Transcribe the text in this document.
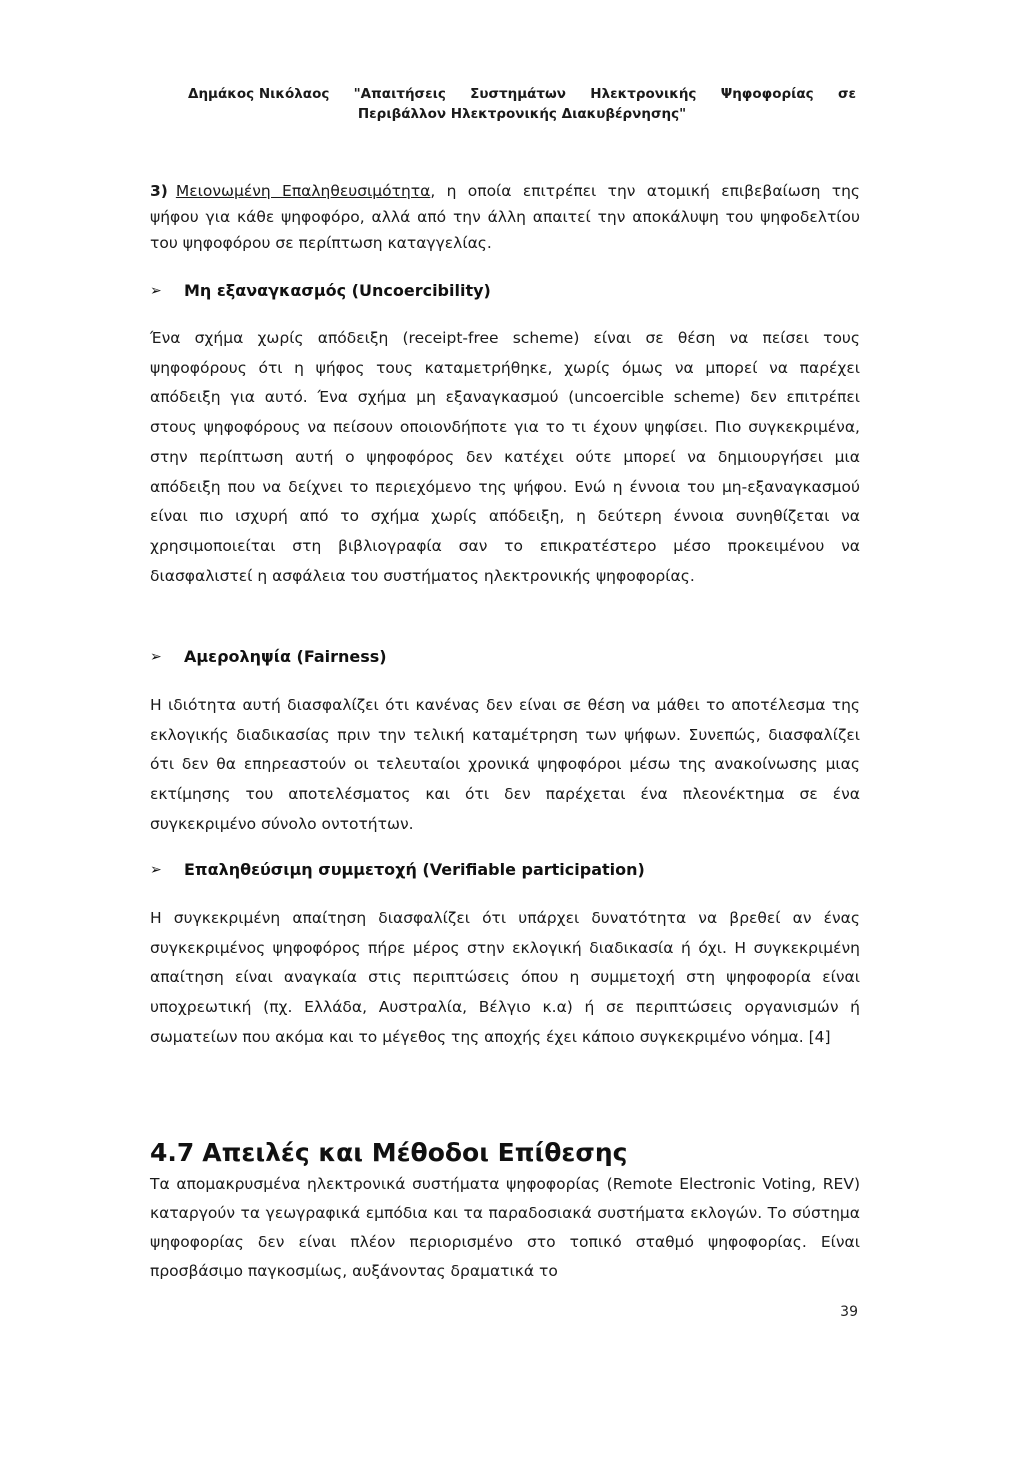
Δημάκος Νικόλαος "Απαιτήσεις Συστημάτων Ηλεκτρονικής Ψηφοφορίας σε
Περιβάλλον Ηλεκτρονικής Διακυβέρνησης"

3) Μειονωμένη Επαληθευσιμότητα, η οποία επιτρέπει την ατομική επιβεβαίωση της ψήφου για κάθε ψηφοφόρο, αλλά από την άλλη απαιτεί την αποκάλυψη του ψηφοδελτίου του ψηφοφόρου σε περίπτωση καταγγελίας.

➢	Μη εξαναγκασμός (Uncoercibility)

Ένα σχήμα χωρίς απόδειξη (receipt-free scheme) είναι σε θέση να πείσει τους ψηφοφόρους ότι η ψήφος τους καταμετρήθηκε, χωρίς όμως να μπορεί να παρέχει απόδειξη για αυτό. Ένα σχήμα μη εξαναγκασμού (uncoercible scheme) δεν επιτρέπει στους ψηφοφόρους να πείσουν οποιονδήποτε για το τι έχουν ψηφίσει. Πιο συγκεκριμένα, στην περίπτωση αυτή ο ψηφοφόρος δεν κατέχει ούτε μπορεί να δημιουργήσει μια απόδειξη που να δείχνει το περιεχόμενο της ψήφου. Ενώ η έννοια του μη-εξαναγκασμού είναι πιο ισχυρή από το σχήμα χωρίς απόδειξη, η δεύτερη έννοια συνηθίζεται να χρησιμοποιείται στη βιβλιογραφία σαν το επικρατέστερο μέσο προκειμένου να διασφαλιστεί η ασφάλεια του συστήματος ηλεκτρονικής ψηφοφορίας.

➢	Αμεροληψία (Fairness)

Η ιδιότητα αυτή διασφαλίζει ότι κανένας δεν είναι σε θέση να μάθει το αποτέλεσμα της εκλογικής διαδικασίας πριν την τελική καταμέτρηση των ψήφων. Συνεπώς, διασφαλίζει ότι δεν θα επηρεαστούν οι τελευταίοι χρονικά ψηφοφόροι μέσω της ανακοίνωσης μιας εκτίμησης του αποτελέσματος και ότι δεν παρέχεται ένα πλεονέκτημα σε ένα συγκεκριμένο σύνολο οντοτήτων.

➢	Επαληθεύσιμη συμμετοχή (Verifiable participation)

Η συγκεκριμένη απαίτηση διασφαλίζει ότι υπάρχει δυνατότητα να βρεθεί αν ένας συγκεκριμένος ψηφοφόρος πήρε μέρος στην εκλογική διαδικασία ή όχι. Η συγκεκριμένη απαίτηση είναι αναγκαία στις περιπτώσεις όπου η συμμετοχή στη ψηφοφορία είναι υποχρεωτική (πχ. Ελλάδα, Αυστραλία, Βέλγιο κ.α) ή σε περιπτώσεις οργανισμών ή σωματείων που ακόμα και το μέγεθος της αποχής έχει κάποιο συγκεκριμένο νόημα. [4]

4.7 Απειλές και Μέθοδοι Επίθεσης

Τα απομακρυσμένα ηλεκτρονικά συστήματα ψηφοφορίας (Remote Electronic Voting, REV) καταργούν τα γεωγραφικά εμπόδια και τα παραδοσιακά συστήματα εκλογών. Το σύστημα ψηφοφορίας δεν είναι πλέον περιορισμένο στο τοπικό σταθμό ψηφοφορίας. Είναι προσβάσιμο παγκοσμίως, αυξάνοντας δραματικά το

39
